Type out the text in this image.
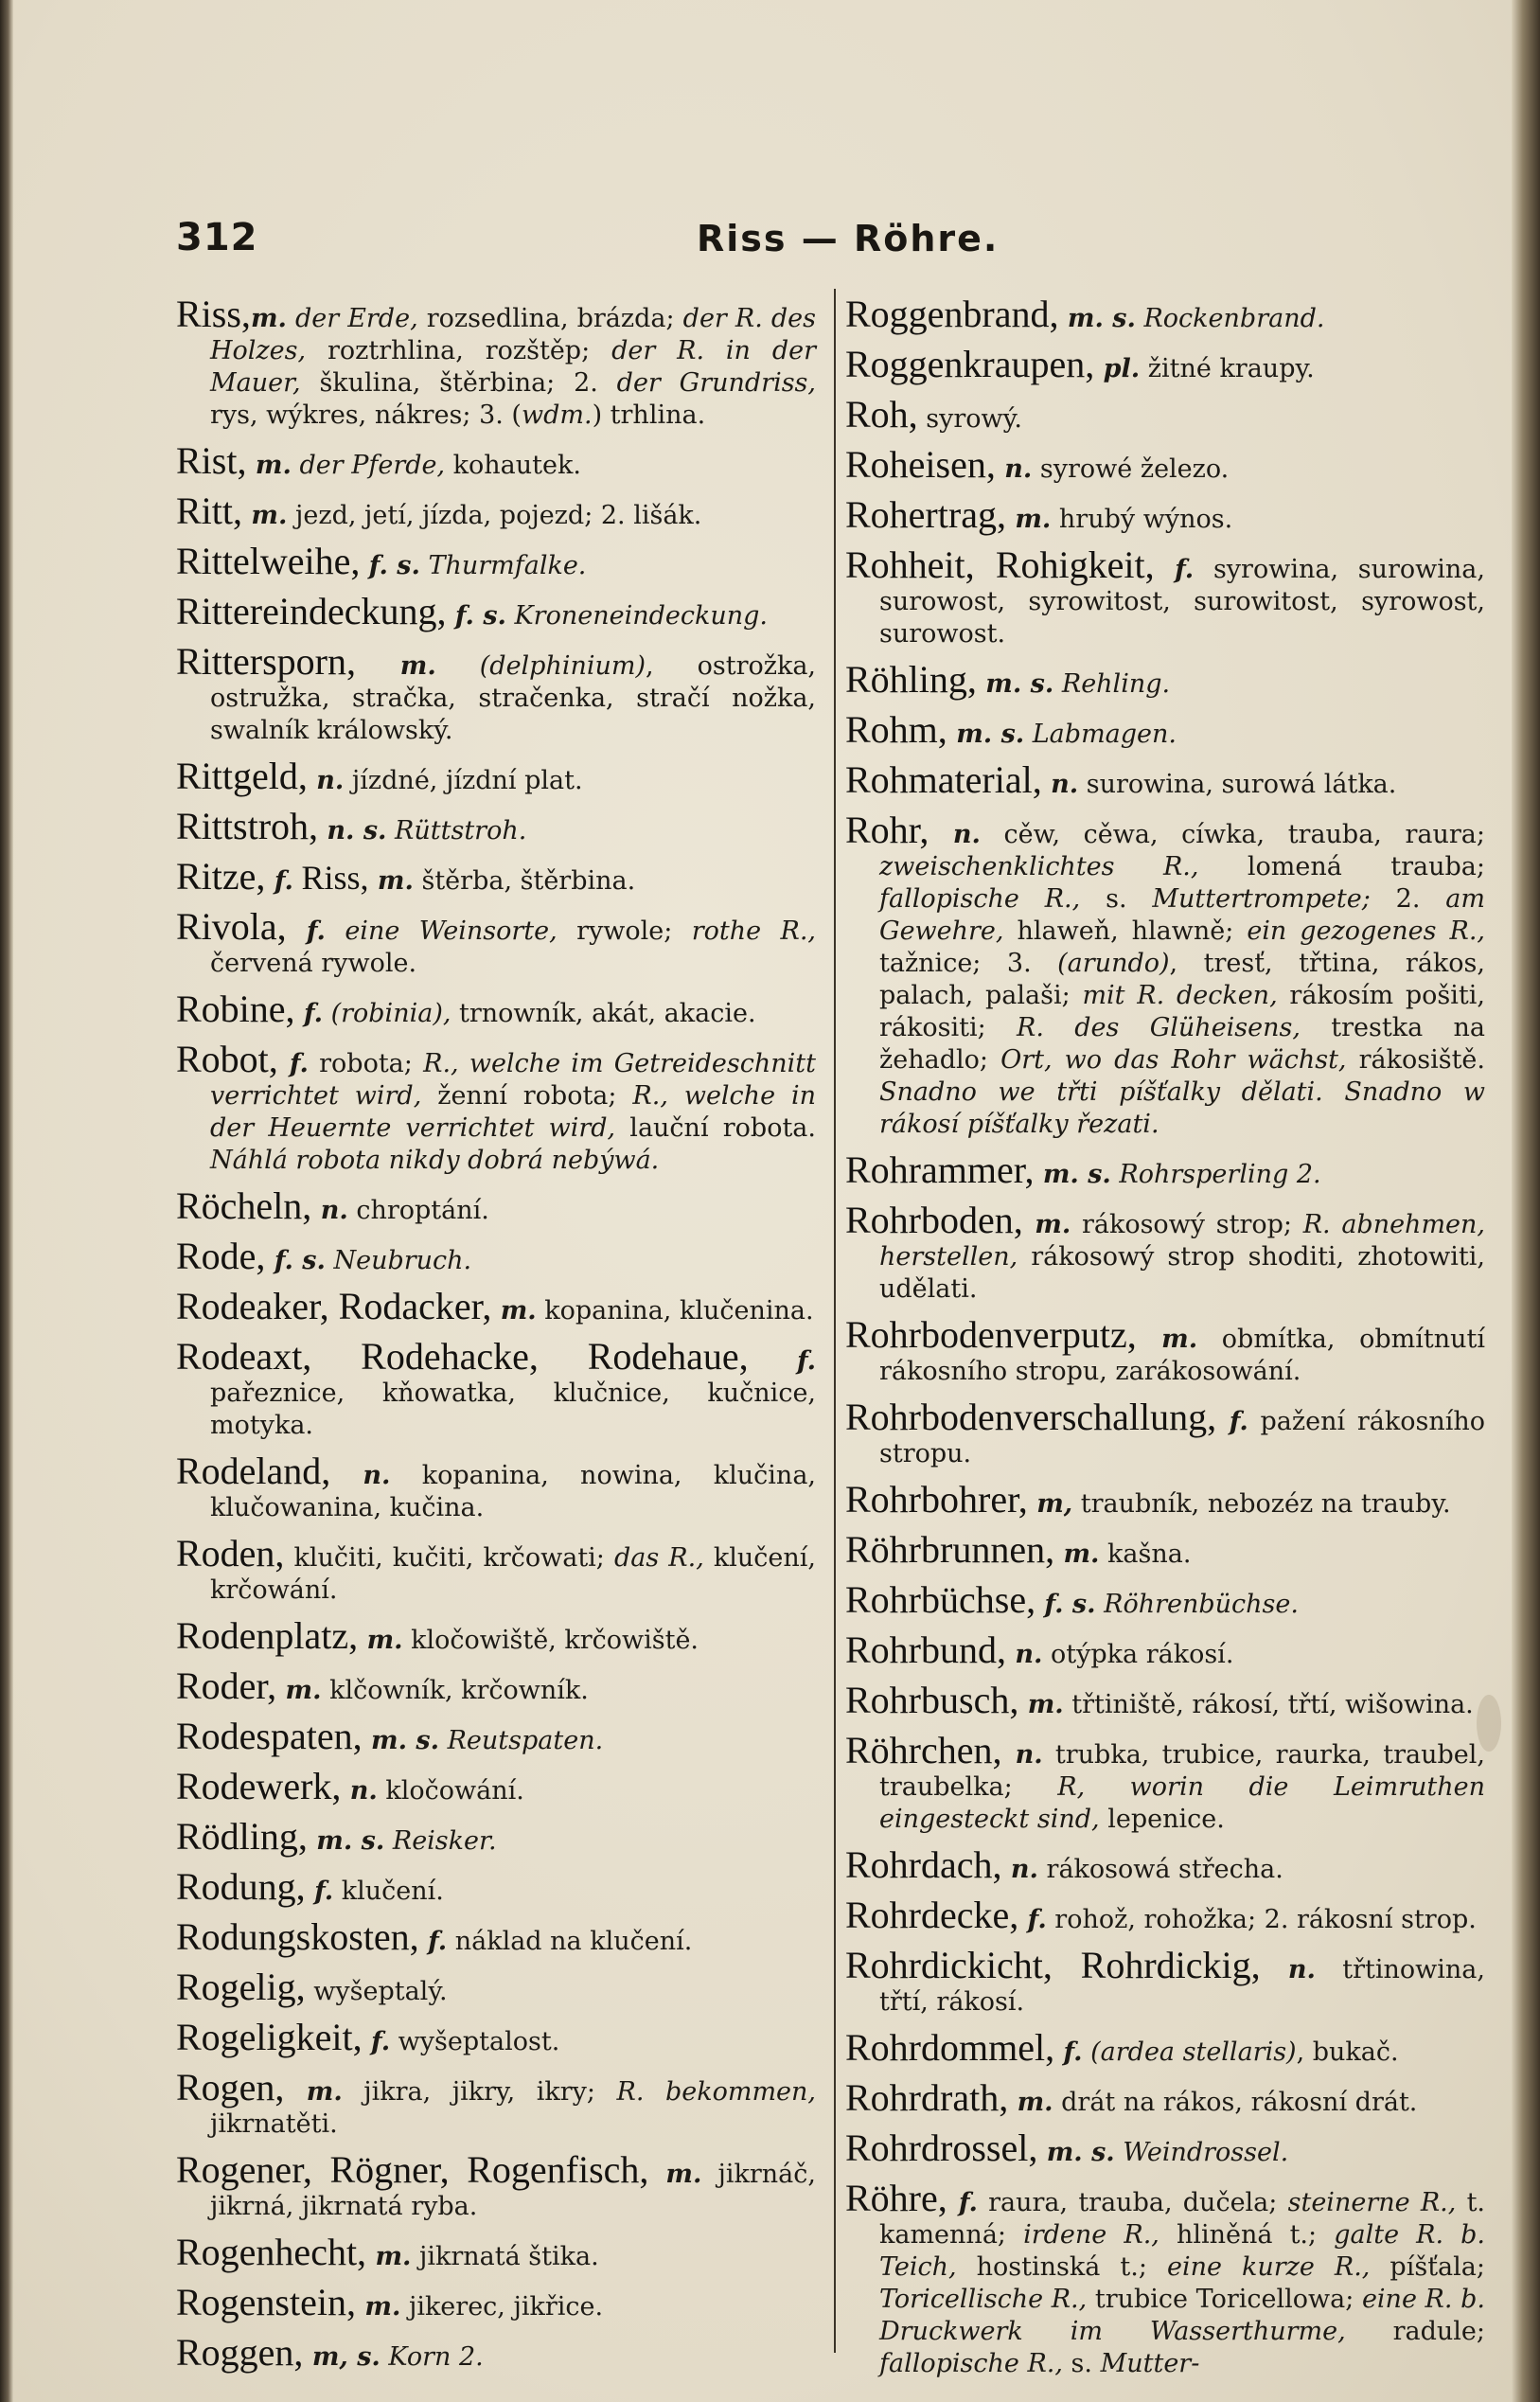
312	Riss — Röhre.

Riss,m. der Erde, rozsedlina, brázda; der R. des Holzes, roztrhlina, rozštěp; der R. in der Mauer, škulina, štěrbina; 2. der Grundriss, rys, wýkres, nákres; 3. (wdm.) trhlina.

Rist, m. der Pferde, kohautek.

Ritt, m. jezd, jetí, jízda, pojezd; 2. lišák.

Rittelweihe, f. s. Thurmfalke.

Rittereindeckung, f. s. Kroneneindeckung.

Rittersporn, m. (delphinium), ostrožka, ostružka, stračka, stračenka, stračí nožka, swalník králowský.

Rittgeld, n. jízdné, jízdní plat.

Rittstroh, n. s. Rüttstroh.

Ritze, f. Riss, m. štěrba, štěrbina.

Rivola, f. eine Weinsorte, rywole; rothe R., červená rywole.

Robine, f. (robinia), trnowník, akát, akacie.

Robot, f. robota; R., welche im Getreideschnitt verrichtet wird, ženní robota; R., welche in der Heuernte verrichtet wird, lauční robota. Náhlá robota nikdy dobrá nebýwá.

Röcheln, n. chroptání.

Rode, f. s. Neubruch.

Rodeaker, Rodacker, m. kopanina, klučenina.

Rodeaxt, Rodehacke, Rodehaue, f. pařeznice, kňowatka, klučnice, kučnice, motyka.

Rodeland, n. kopanina, nowina, klučina, klučowanina, kučina.

Roden, klučiti, kučiti, krčowati; das R., klučení, krčowání.

Rodenplatz, m. kločowiště, krčowiště.

Roder, m. klčowník, krčowník.

Rodespaten, m. s. Reutspaten.

Rodewerk, n. kločowání.

Rödling, m. s. Reisker.

Rodung, f. klučení.

Rodungskosten, f. náklad na klučení.

Rogelig, wyšeptalý.

Rogeligkeit, f. wyšeptalost.

Rogen, m. jikra, jikry, ikry; R. bekommen, jikrnatěti.

Rogener, Rögner, Rogenfisch, m. jikrnáč, jikrná, jikrnatá ryba.

Rogenhecht, m. jikrnatá štika.

Rogenstein, m. jikerec, jikřice.

Roggen, m, s. Korn 2.

Roggenbrand, m. s. Rockenbrand.

Roggenkraupen, pl. žitné kraupy.

Roh, syrowý.

Roheisen, n. syrowé železo.

Rohertrag, m. hrubý wýnos.

Rohheit, Rohigkeit, f. syrowina, surowina, surowost, syrowitost, surowitost, syrowost, surowost.

Röhling, m. s. Rehling.

Rohm, m. s. Labmagen.

Rohmaterial, n. surowina, surowá látka.

Rohr, n. cěw, cěwa, cíwka, trauba, raura; zweischenklichtes R., lomená trauba; fallopische R., s. Muttertrompete; 2. am Gewehre, hlaweň, hlawně; ein gezogenes R., tažnice; 3. (arundo), tresť, třtina, rákos, palach, palaši; mit R. decken, rákosím pošiti, rákositi; R. des Glüheisens, trestka na žehadlo; Ort, wo das Rohr wächst, rákosiště. Snadno we třti píšťalky dělati. Snadno w rákosí píšťalky řezati.

Rohrammer, m. s. Rohrsperling 2.

Rohrboden, m. rákosowý strop; R. abnehmen, herstellen, rákosowý strop shoditi, zhotowiti, udělati.

Rohrbodenverputz, m. obmítka, obmítnutí rákosního stropu, zarákosowání.

Rohrbodenverschallung, f. pažení rákosního stropu.

Rohrbohrer, m, traubník, nebozéz na trauby.

Röhrbrunnen, m. kašna.

Rohrbüchse, f. s. Röhrenbüchse.

Rohrbund, n. otýpka rákosí.

Rohrbusch, m. třtiniště, rákosí, třtí, wišowina.

Röhrchen, n. trubka, trubice, raurka, traubel, traubelka; R, worin die Leimruthen eingesteckt sind, lepenice.

Rohrdach, n. rákosowá střecha.

Rohrdecke, f. rohož, rohožka; 2. rákosní strop.

Rohrdickicht, Rohrdickig, n. třtinowina, třtí, rákosí.

Rohrdommel, f. (ardea stellaris), bukač.

Rohrdrath, m. drát na rákos, rákosní drát.

Rohrdrossel, m. s. Weindrossel.

Röhre, f. raura, trauba, dučela; steinerne R., t. kamenná; irdene R., hliněná t.; galte R. b. Teich, hostinská t.; eine kurze R., píšťala; Toricellische R., trubice Toricellowa; eine R. b. Druckwerk im Wasserthurme, radule; fallopische R., s. Mutter-
